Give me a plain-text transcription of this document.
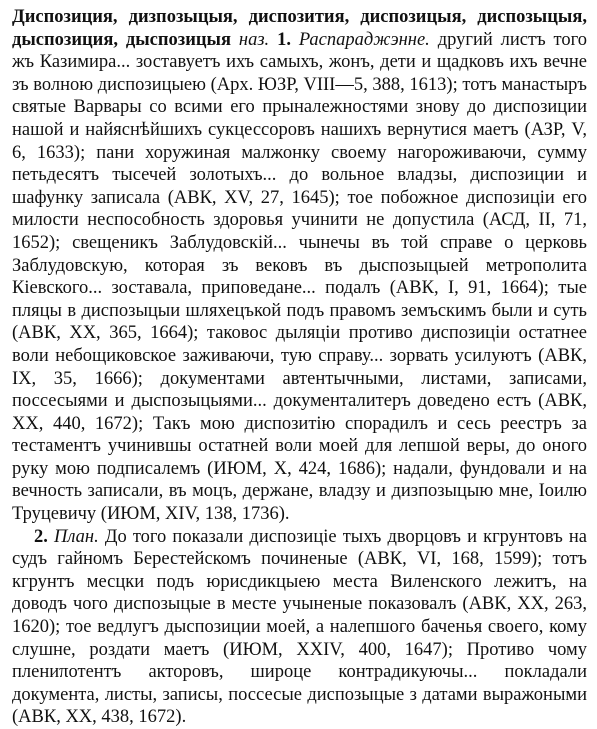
Диспозиция, дизпозыцыя, диспозития, диспозицыя, диспозыцыя, дыспозиция, дыспозицыя наз. 1. Распараджэнне. другий листъ того жъ Казимира... зоставуетъ ихъ самыхъ, жонъ, дети и щадковъ ихъ вечне зъ волною диспозицыею (Арх. ЮЗР, VIII—5, 388, 1613); тотъ манастыръ святые Варвары со всими его прыналежностями знову до диспозиции нашой и найяснѣйшихъ сукцессоровъ нашихъ вернутися маетъ (АЗР, V, 6, 1633); пани хоружиная малжонку своему нагороживаючи, сумму петьдесятъ тысечей золотыхъ... до вольное владзы, диспозиции и шафунку записала (АВК, XV, 27, 1645); тое побожное диспозицiи его милости неспособность здоровья учинити не допустила (АСД, II, 71, 1652); свещеникъ Заблудовскiй... чынечы въ той справе о церковь Заблудовскую, которая зъ вековъ въ дыспозыцыей метрополита Кiевского... зоставала, приповедане... подалъ (АВК, I, 91, 1664); тые пляцы в диспозыцыи шляхецъкой подъ правомъ земъскимъ были и суть (АВК, XX, 365, 1664); таковос дыляцiи противо диспозицiи остатнее воли небощиковское заживаючи, тую справу... зорвать усилуютъ (АВК, IX, 35, 1666); документами автентычными, листами, записами, поссесыями и дыспозыцыями... документалитеръ доведено естъ (АВК, XX, 440, 1672); Такъ мою диспозитiю спорадилъ и сесь реестръ за тестаментъ учинившы остатней воли моей для лепшой веры, до оного руку мою подписалемъ (ИЮМ, X, 424, 1686); надали, фундовали и на вечность записали, въ моцъ, держане, владзу и дизпозыцыю мне, Iоилю Труцевичу (ИЮМ, XIV, 138, 1736).

2. План. До того показали диспозицiе тыхъ дворцовъ и кгрунтовъ на судъ гайномъ Берестейскомъ починеные (АВК, VI, 168, 1599); тотъ кгрунтъ месцки подъ юрисдикцыею места Виленского лежитъ, на доводъ чого диспозыцые в месте учыненые показовалъ (АВК, XX, 263, 1620); тое ведлугъ дыспозиции моей, а налепшого баченья своего, кому слушне, роздати маетъ (ИЮМ, XXIV, 400, 1647); Противо чому плениπотентъ акторовъ, широце контрадикуючы... покладали документа, листы, записы, поссесые диспозыцые з датами выражоными (АВК, XX, 438, 1672).
